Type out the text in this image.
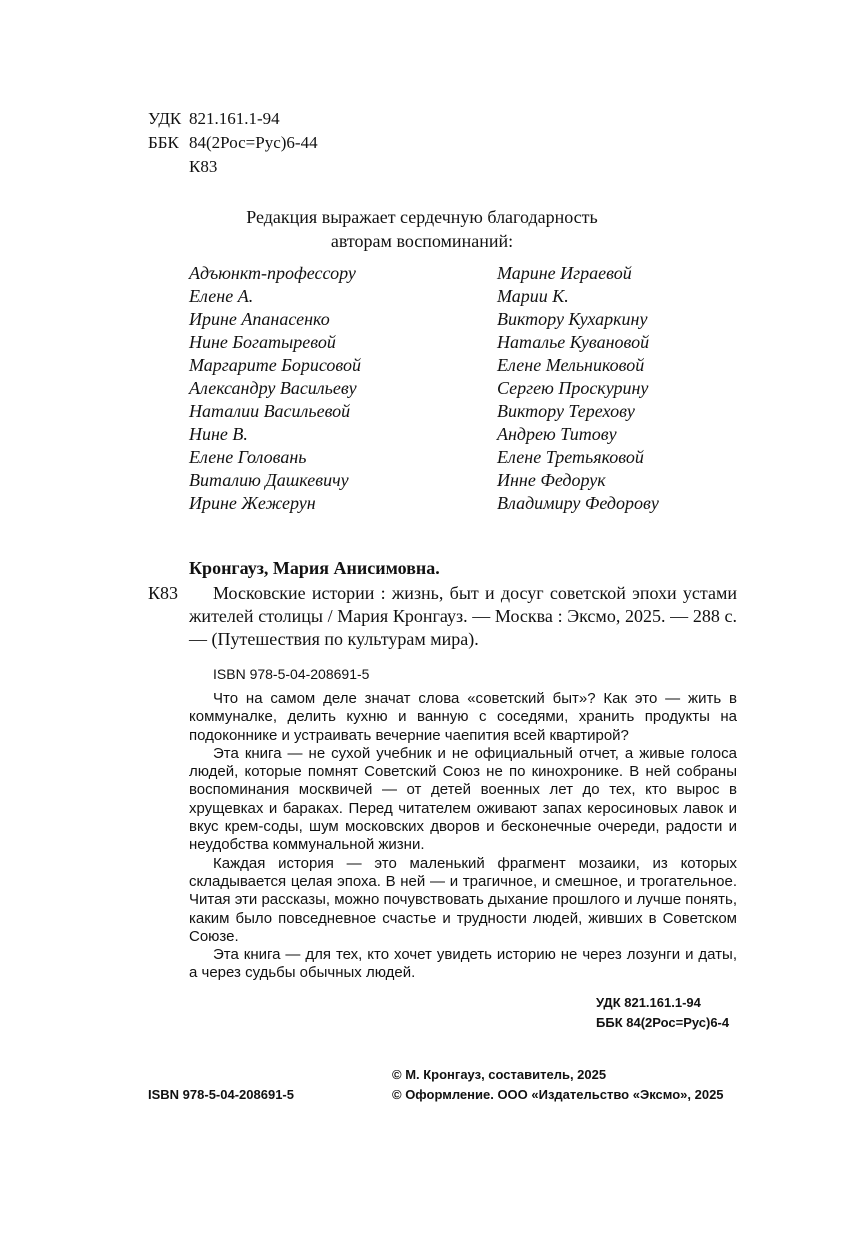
УДК 821.161.1-94
ББК 84(2Рос=Рус)6-44
К83
Редакция выражает сердечную благодарность
авторам воспоминаний:
Адъюнкт-профессору
Елене А.
Ирине Апанасенко
Нине Богатыревой
Маргарите Борисовой
Александру Васильеву
Наталии Васильевой
Нине В.
Елене Головань
Виталию Дашкевичу
Ирине Жежерун
Марине Играевой
Марии К.
Виктору Кухаркину
Наталье Кувановой
Елене Мельниковой
Сергею Проскурину
Виктору Терехову
Андрею Титову
Елене Третьяковой
Инне Федорук
Владимиру Федорову
Кронгауз, Мария Анисимовна.
К83	Московские истории : жизнь, быт и досуг советской эпохи устами жителей столицы / Мария Кронгауз. — Москва : Эксмо, 2025. — 288 с. — (Путешествия по культурам мира).
ISBN 978-5-04-208691-5

Что на самом деле значат слова «советский быт»? Как это — жить в коммуналке, делить кухню и ванную с соседями, хранить продукты на подоконнике и устраивать вечерние чаепития всей квартирой?

Эта книга — не сухой учебник и не официальный отчет, а живые голоса людей, которые помнят Советский Союз не по кинохронике. В ней собраны воспоминания москвичей — от детей военных лет до тех, кто вырос в хрущевках и бараках. Перед читателем оживают запах керосиновых лавок и вкус крем-соды, шум московских дворов и бесконечные очереди, радости и неудобства коммунальной жизни.

Каждая история — это маленький фрагмент мозаики, из которых складывается целая эпоха. В ней — и трагичное, и смешное, и трогательное. Читая эти рассказы, можно почувствовать дыхание прошлого и лучше понять, каким было повседневное счастье и трудности людей, живших в Советском Союзе.

Эта книга — для тех, кто хочет увидеть историю не через лозунги и даты, а через судьбы обычных людей.

УДК 821.161.1-94
ББК 84(2Рос=Рус)6-4
© М. Кронгауз, составитель, 2025
ISBN 978-5-04-208691-5	© Оформление. ООО «Издательство «Эксмо», 2025
